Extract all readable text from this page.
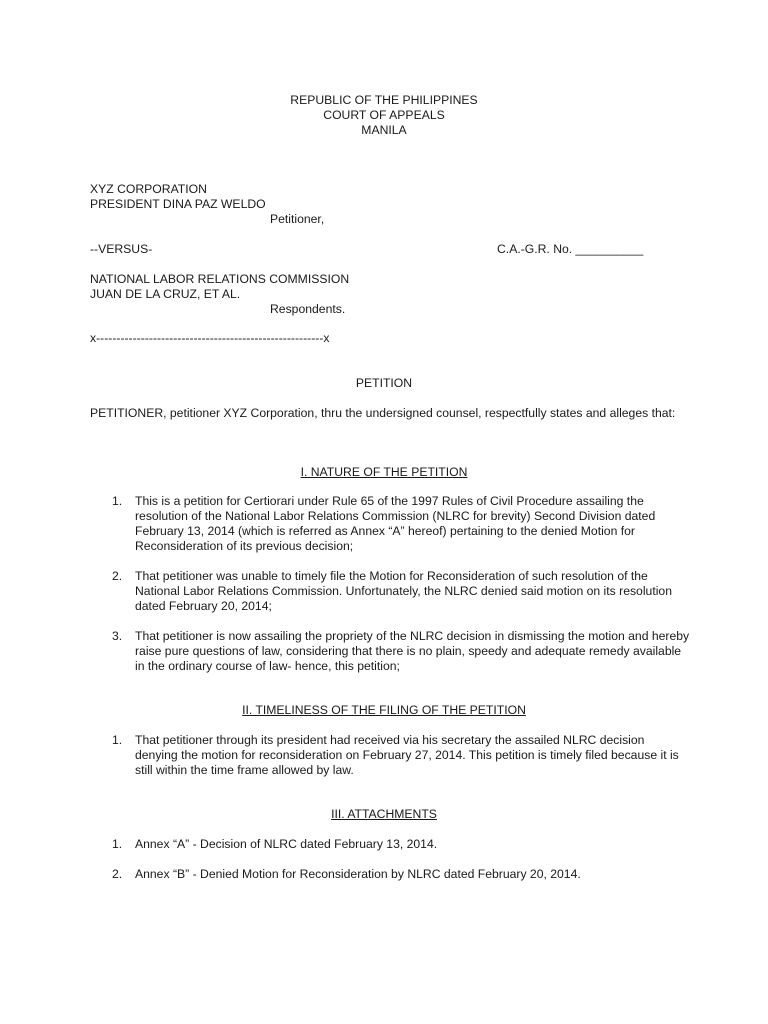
REPUBLIC OF THE PHILIPPINES
COURT OF APPEALS
MANILA
XYZ CORPORATION
PRESIDENT DINA PAZ WELDO
Petitioner,
--VERSUS-	C.A.-G.R. No. __________
NATIONAL LABOR RELATIONS COMMISSION
JUAN DE LA CRUZ, ET AL.
Respondents.
x--------------------------------------------------------x
PETITION
PETITIONER, petitioner XYZ Corporation, thru the undersigned counsel, respectfully states and alleges that:
I. NATURE OF THE PETITION
1. This is a petition for Certiorari under Rule 65 of the 1997 Rules of Civil Procedure assailing the resolution of the National Labor Relations Commission (NLRC for brevity) Second Division dated February 13, 2014 (which is referred as Annex “A” hereof) pertaining to the denied Motion for Reconsideration of its previous decision;
2. That petitioner was unable to timely file the Motion for Reconsideration of such resolution of the National Labor Relations Commission. Unfortunately, the NLRC denied said motion on its resolution dated February 20, 2014;
3. That petitioner is now assailing the propriety of the NLRC decision in dismissing the motion and hereby raise pure questions of law, considering that there is no plain, speedy and adequate remedy available in the ordinary course of law- hence, this petition;
II. TIMELINESS OF THE FILING OF THE PETITION
1. That petitioner through its president had received via his secretary the assailed NLRC decision denying the motion for reconsideration on February 27, 2014. This petition is timely filed because it is still within the time frame allowed by law.
III. ATTACHMENTS
1. Annex “A” - Decision of NLRC dated February 13, 2014.
2. Annex “B” - Denied Motion for Reconsideration by NLRC dated February 20, 2014.
